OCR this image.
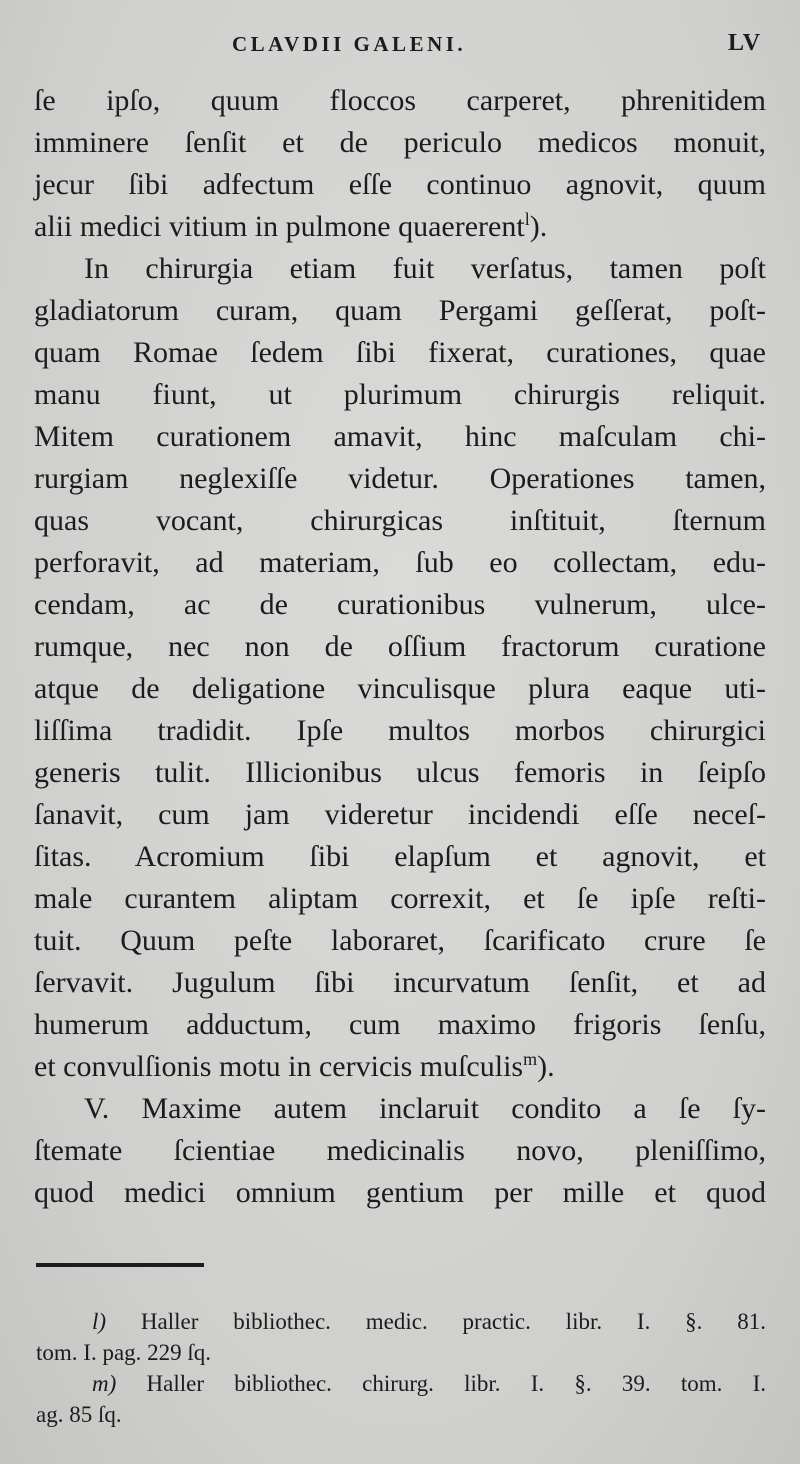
CLAVDII GALENI.	LV
ſe ipſo, quum floccos carperet, phrenitidem
imminere ſenſit et de periculo medicos monuit,
jecur ſibi adfectum eſſe continuo agnovit, quum
alii medici vitium in pulmone quaererent$^l$).
In chirurgia etiam fuit verſatus, tamen poſt
gladiatorum curam, quam Pergami geſſerat, poſt-
quam Romae ſedem ſibi fixerat, curationes, quae
manu fiunt, ut plurimum chirurgis reliquit.
Mitem curationem amavit, hinc maſculam chi-
rurgiam neglexiſſe videtur. Operationes tamen,
quas vocant, chirurgicas inſtituit, ſternum
perforavit, ad materiam, ſub eo collectam, edu-
cendam, ac de curationibus vulnerum, ulce-
rumque, nec non de oſſium fractorum curatione
atque de deligatione vinculisque plura eaque uti-
liſſima tradidit. Ipſe multos morbos chirurgici
generis tulit. Illicionibus ulcus femoris in ſeipſo
ſanavit, cum jam videretur incidendi eſſe neceſ-
ſitas. Acromium ſibi elapſum et agnovit, et
male curantem aliptam correxit, et ſe ipſe reſti-
tuit. Quum peſte laboraret, ſcarificato crure ſe
ſervavit. Jugulum ſibi incurvatum ſenſit, et ad
humerum adductum, cum maximo frigoris ſenſu,
et convulſionis motu in cervicis muſculis$^m$).
V. Maxime autem inclaruit condito a ſe ſy-
ſtemate ſcientiae medicinalis novo, pleniſſimo,
quod medici omnium gentium per mille et quod
l) Haller bibliothec. medic. practic. libr. I. §. 81.
tom. I. pag. 229 ſq.
m) Haller bibliothec. chirurg. libr. I. §. 39. tom. I.
ag. 85 ſq.
